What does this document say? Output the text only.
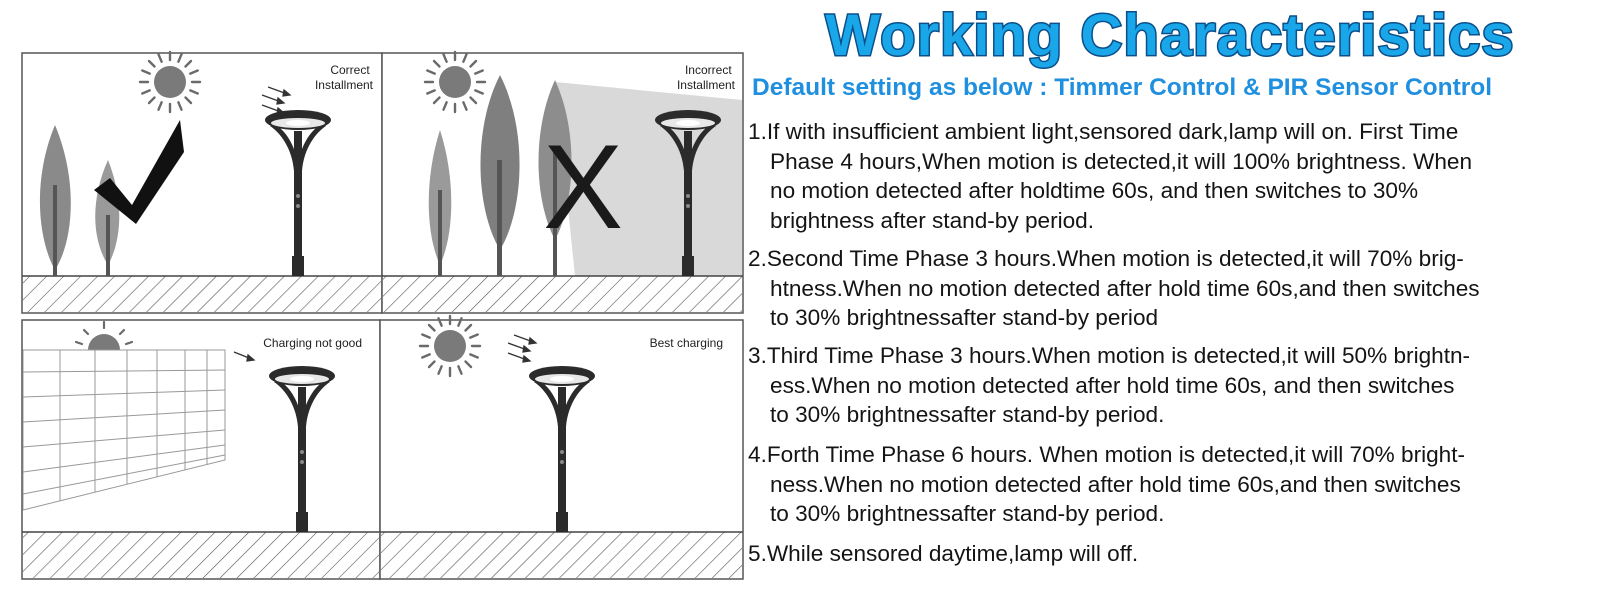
Correct Installment
X
Incorrect Installment
Charging not good	Best charging
Working Characteristics
Default setting as below : Timmer Control & PIR Sensor Control
1.If with insufficient ambient light,sensored dark,lamp will on. First Time
Phase 4 hours,When motion is detected,it will 100% brightness. When
no motion detected after holdtime 60s, and then switches to 30%
brightness after stand-by period.
2.Second Time Phase 3 hours.When motion is detected,it will 70% brig-
htness.When no motion detected after hold time 60s,and then switches
to 30% brightnessafter stand-by period
3.Third Time Phase 3 hours.When motion is detected,it will 50% brightn-
ess.When no motion detected after hold time 60s, and then switches
to 30% brightnessafter stand-by period.
4.Forth Time Phase 6 hours. When motion is detected,it will 70% bright-
ness.When no motion detected after hold time 60s,and then switches
to 30% brightnessafter stand-by period.
5.While sensored daytime,lamp will off.
